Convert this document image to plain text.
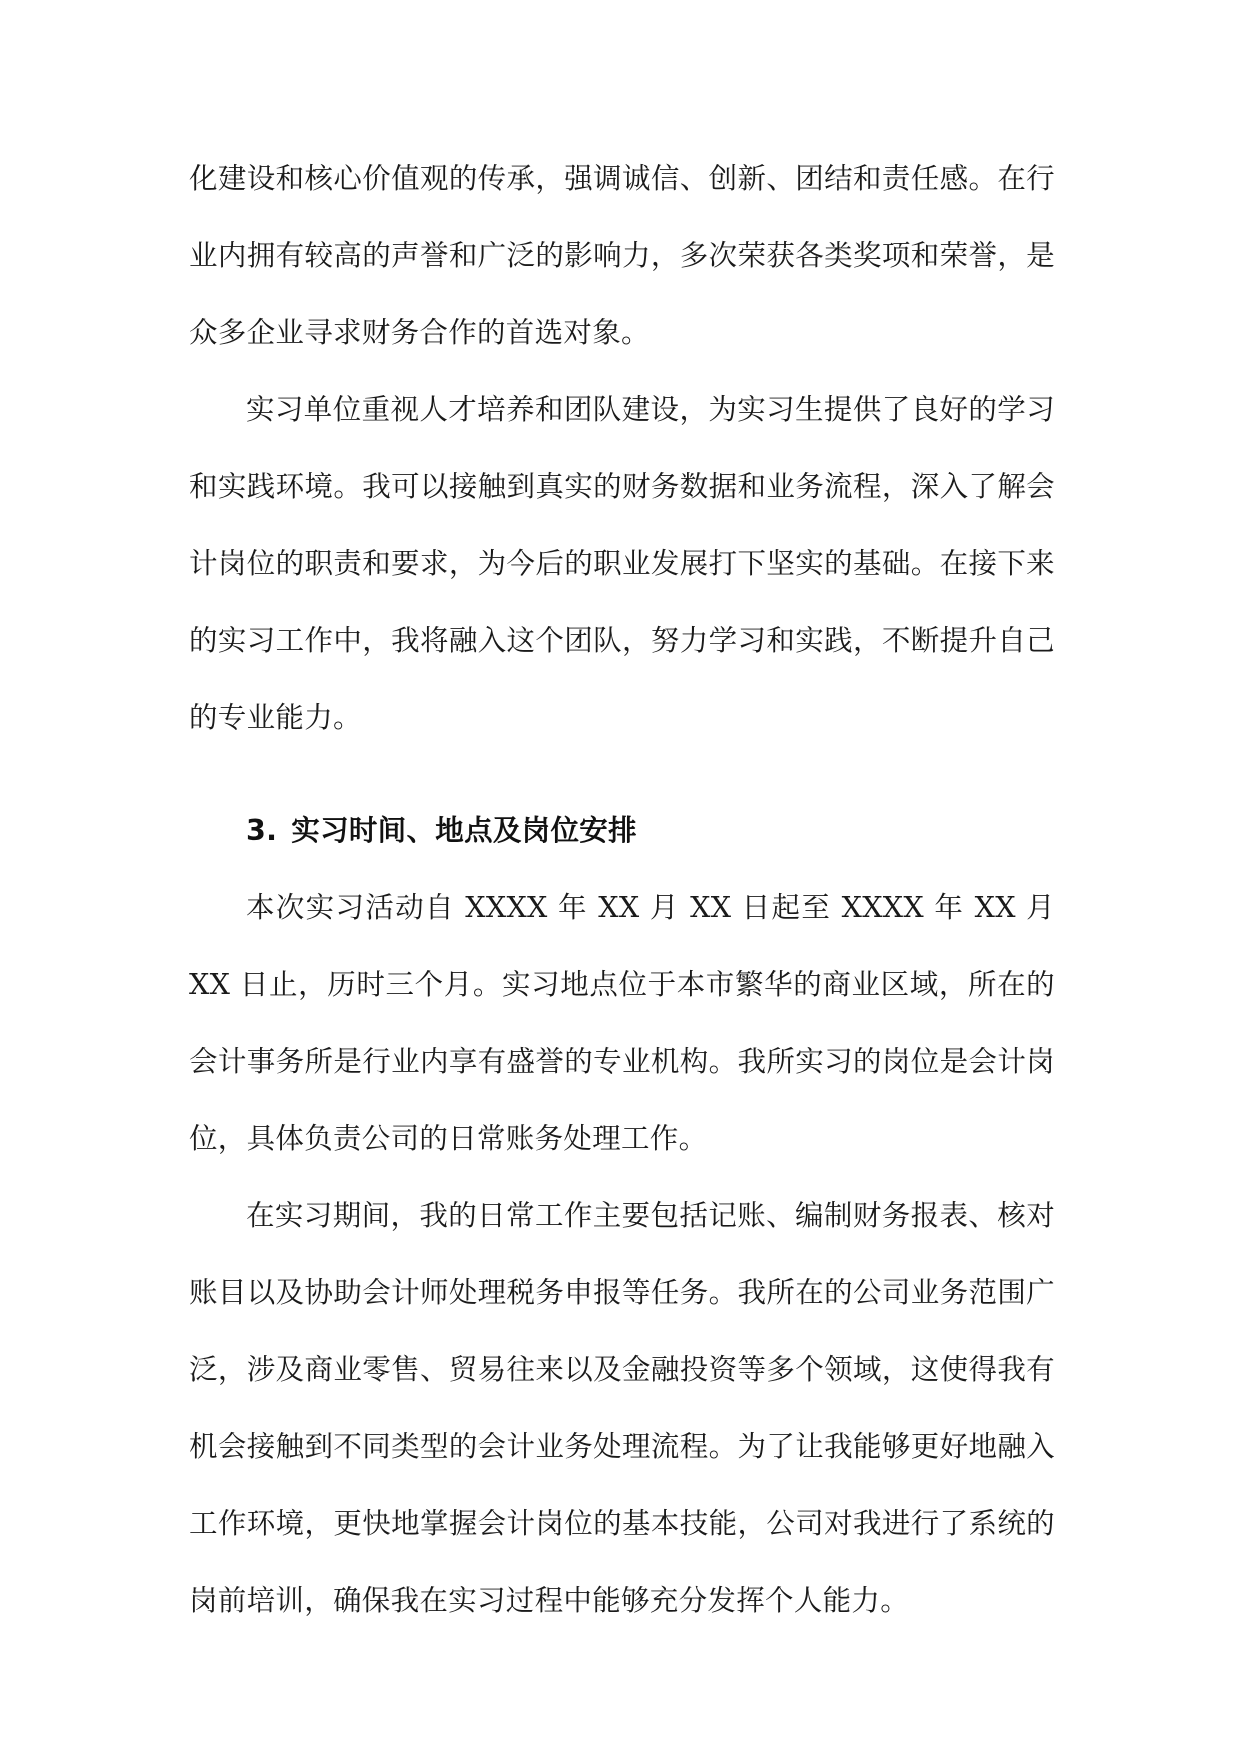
化建设和核心价值观的传承，强调诚信、创新、团结和责任感。在行业内拥有较高的声誉和广泛的影响力，多次荣获各类奖项和荣誉，是众多企业寻求财务合作的首选对象。

实习单位重视人才培养和团队建设，为实习生提供了良好的学习和实践环境。我可以接触到真实的财务数据和业务流程，深入了解会计岗位的职责和要求，为今后的职业发展打下坚实的基础。在接下来的实习工作中，我将融入这个团队，努力学习和实践，不断提升自己的专业能力。

3. 实习时间、地点及岗位安排

本次实习活动自 XXXX 年 XX 月 XX 日起至 XXXX 年 XX 月 XX 日止，历时三个月。实习地点位于本市繁华的商业区域，所在的会计事务所是行业内享有盛誉的专业机构。我所实习的岗位是会计岗位，具体负责公司的日常账务处理工作。

在实习期间，我的日常工作主要包括记账、编制财务报表、核对账目以及协助会计师处理税务申报等任务。我所在的公司业务范围广泛，涉及商业零售、贸易往来以及金融投资等多个领域，这使得我有机会接触到不同类型的会计业务处理流程。为了让我能够更好地融入工作环境，更快地掌握会计岗位的基本技能，公司对我进行了系统的岗前培训，确保我在实习过程中能够充分发挥个人能力。
